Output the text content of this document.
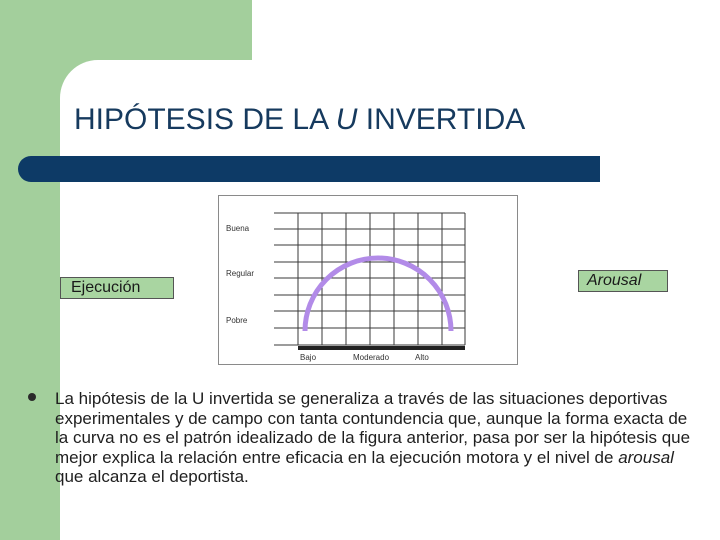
HIPÓTESIS DE LA U INVERTIDA
Buena
Regular
Pobre
Bajo	Moderado	Alto
Ejecución	Arousal

La hipótesis de la U invertida se generaliza a través de las situaciones deportivas experimentales y de campo con tanta contundencia que, aunque la forma exacta de la curva no es el patrón idealizado de la figura anterior, pasa por ser la hipótesis que mejor explica la relación entre eficacia en la ejecución motora y el nivel de arousal que alcanza el deportista.
